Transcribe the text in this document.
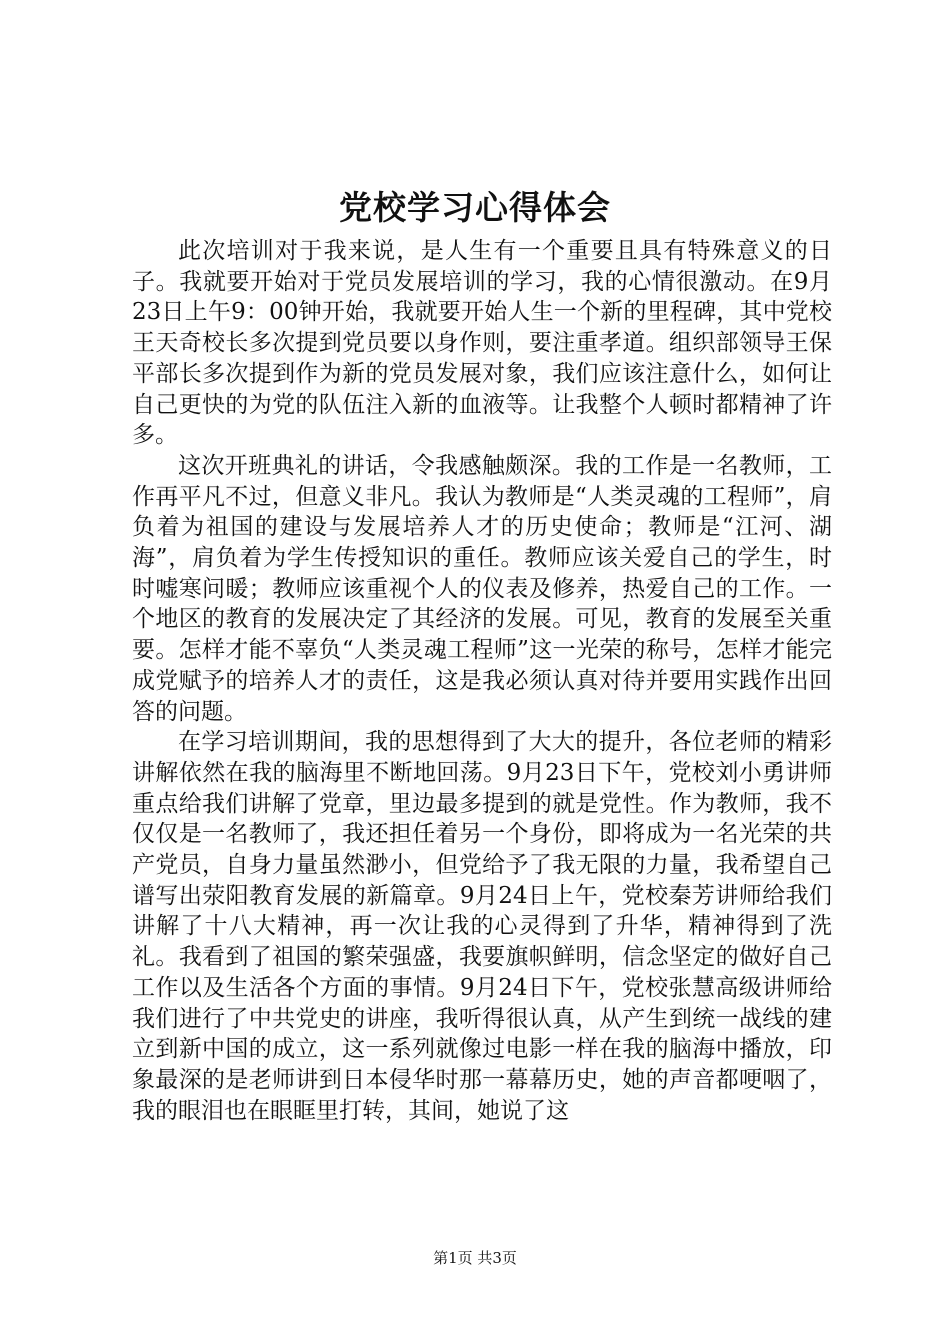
党校学习心得体会

此次培训对于我来说，是人生有一个重要且具有特殊意义的日子。我就要开始对于党员发展培训的学习，我的心情很激动。在9月23日上午9：00钟开始，我就要开始人生一个新的里程碑，其中党校王天奇校长多次提到党员要以身作则，要注重孝道。组织部领导王保平部长多次提到作为新的党员发展对象，我们应该注意什么，如何让自己更快的为党的队伍注入新的血液等。让我整个人顿时都精神了许多。

这次开班典礼的讲话，令我感触颇深。我的工作是一名教师，工作再平凡不过，但意义非凡。我认为教师是“人类灵魂的工程师”，肩负着为祖国的建设与发展培养人才的历史使命；教师是“江河、湖海”，肩负着为学生传授知识的重任。教师应该关爱自己的学生，时时嘘寒问暖；教师应该重视个人的仪表及修养，热爱自己的工作。一个地区的教育的发展决定了其经济的发展。可见，教育的发展至关重要。怎样才能不辜负“人类灵魂工程师”这一光荣的称号，怎样才能完成党赋予的培养人才的责任，这是我必须认真对待并要用实践作出回答的问题。

在学习培训期间，我的思想得到了大大的提升，各位老师的精彩讲解依然在我的脑海里不断地回荡。9月23日下午，党校刘小勇讲师重点给我们讲解了党章，里边最多提到的就是党性。作为教师，我不仅仅是一名教师了，我还担任着另一个身份，即将成为一名光荣的共产党员，自身力量虽然渺小，但党给予了我无限的力量，我希望自己谱写出荥阳教育发展的新篇章。9月24日上午，党校秦芳讲师给我们讲解了十八大精神，再一次让我的心灵得到了升华，精神得到了洗礼。我看到了祖国的繁荣强盛，我要旗帜鲜明，信念坚定的做好自己工作以及生活各个方面的事情。9月24日下午，党校张慧高级讲师给我们进行了中共党史的讲座，我听得很认真，从产生到统一战线的建立到新中国的成立，这一系列就像过电影一样在我的脑海中播放，印象最深的是老师讲到日本侵华时那一幕幕历史，她的声音都哽咽了，我的眼泪也在眼眶里打转，其间，她说了这

第1页 共3页
